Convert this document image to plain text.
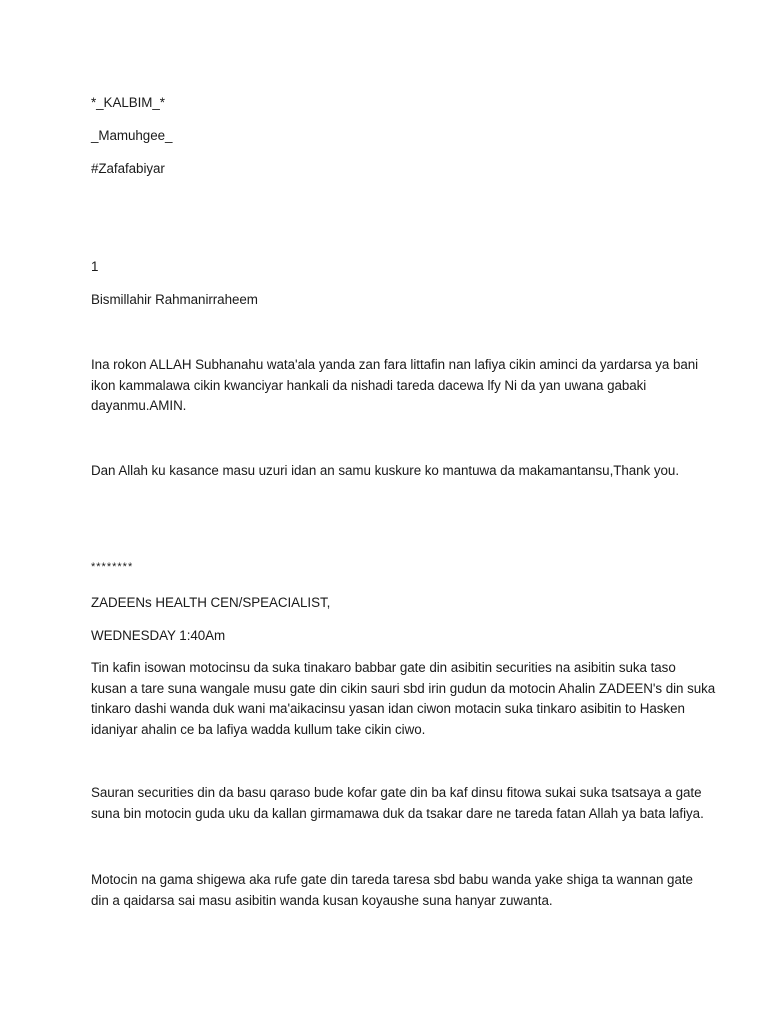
*_KALBIM_*
_Mamuhgee_
#Zafafabiyar
1
Bismillahir Rahmanirraheem
Ina rokon ALLAH Subhanahu wata'ala yanda zan fara littafin nan lafiya cikin aminci da yardarsa ya bani
ikon kammalawa cikin kwanciyar hankali da nishadi tareda dacewa lfy Ni da yan uwana gabaki
dayanmu.AMIN.
Dan Allah ku kasance masu uzuri idan an samu kuskure ko mantuwa da makamantansu,Thank you.
********
ZADEENs HEALTH CEN/SPEACIALIST,
WEDNESDAY 1:40Am
Tin kafin isowan motocinsu da suka tinakaro babbar gate din asibitin securities na asibitin suka taso
kusan a tare suna wangale musu gate din cikin sauri sbd irin gudun da motocin Ahalin ZADEEN's din suka
tinkaro dashi wanda duk wani ma'aikacinsu yasan idan ciwon motacin suka tinkaro asibitin to Hasken
idaniyar ahalin ce ba lafiya wadda kullum take cikin ciwo.
Sauran securities din da basu qaraso bude kofar gate din ba kaf dinsu fitowa sukai suka tsatsaya a gate
suna bin motocin guda uku da kallan girmamawa duk da tsakar dare ne tareda fatan Allah ya bata lafiya.
Motocin na gama shigewa aka rufe gate din tareda taresa sbd babu wanda yake shiga ta wannan gate
din a qaidarsa sai masu asibitin wanda kusan koyaushe suna hanyar zuwanta.
